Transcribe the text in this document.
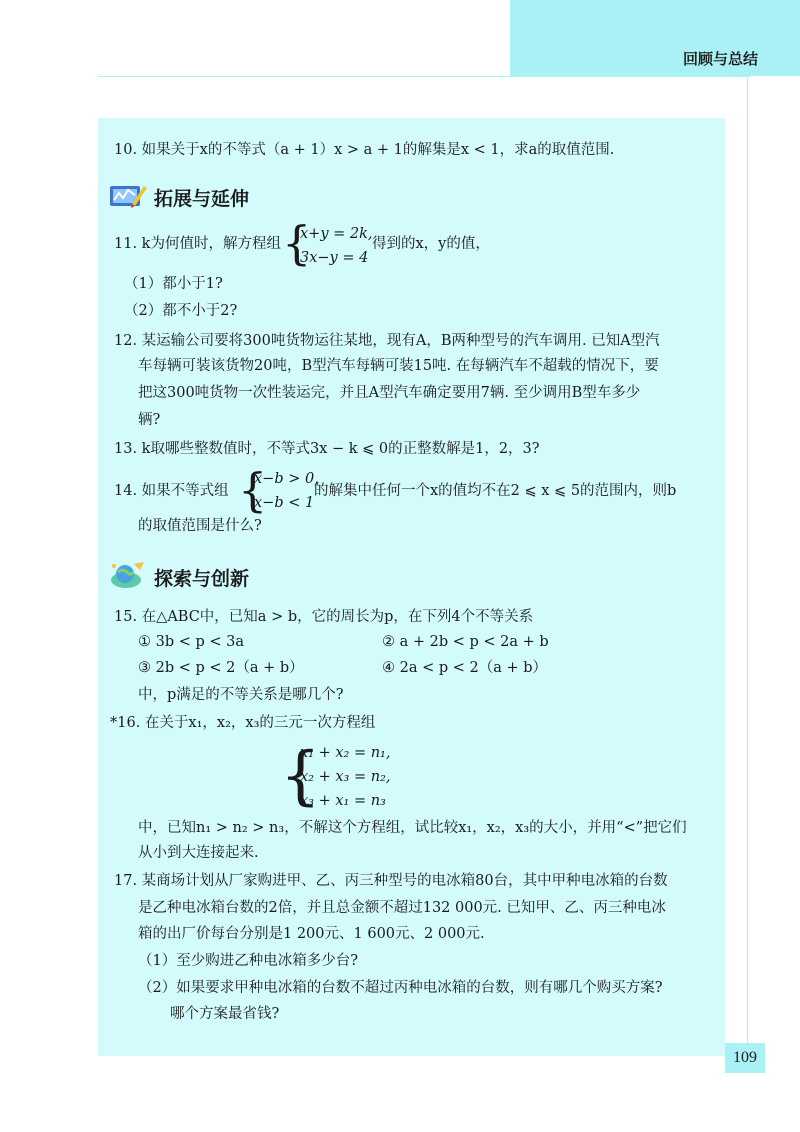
回顾与总结
10. 如果关于x的不等式（a + 1）x > a + 1的解集是x < 1，求a的取值范围.
拓展与延伸
11. k为何值时，解方程组 {
x+y = 2k,
3x−y = 4
得到的x，y的值，
（1）都小于1?
（2）都不小于2?
12. 某运输公司要将300吨货物运往某地，现有A，B两种型号的汽车调用. 已知A型汽
车每辆可装该货物20吨，B型汽车每辆可装15吨. 在每辆汽车不超载的情况下，要
把这300吨货物一次性装运完，并且A型汽车确定要用7辆. 至少调用B型车多少
辆?
13. k取哪些整数值时，不等式3x − k ⩽ 0的正整数解是1，2，3?
14. 如果不等式组 {
x−b > 0,
x−b < 1
的解集中任何一个x的值均不在2 ⩽ x ⩽ 5的范围内，则b
的取值范围是什么?
探索与创新
15. 在△ABC中，已知a > b，它的周长为p，在下列4个不等关系
① 3b < p < 3a	② a + 2b < p < 2a + b
③ 2b < p < 2（a + b）	④ 2a < p < 2（a + b）
中，p满足的不等关系是哪几个?
*16. 在关于x₁，x₂，x₃的三元一次方程组
{
x₁ + x₂ = n₁,
x₂ + x₃ = n₂,
x₃ + x₁ = n₃
中，已知n₁ > n₂ > n₃，不解这个方程组，试比较x₁，x₂，x₃的大小，并用“<”把它们
从小到大连接起来.
17. 某商场计划从厂家购进甲、乙、丙三种型号的电冰箱80台，其中甲种电冰箱的台数
是乙种电冰箱台数的2倍，并且总金额不超过132 000元. 已知甲、乙、丙三种电冰
箱的出厂价每台分别是1 200元、1 600元、2 000元.
（1）至少购进乙种电冰箱多少台?
（2）如果要求甲种电冰箱的台数不超过丙种电冰箱的台数，则有哪几个购买方案?
哪个方案最省钱?
109
